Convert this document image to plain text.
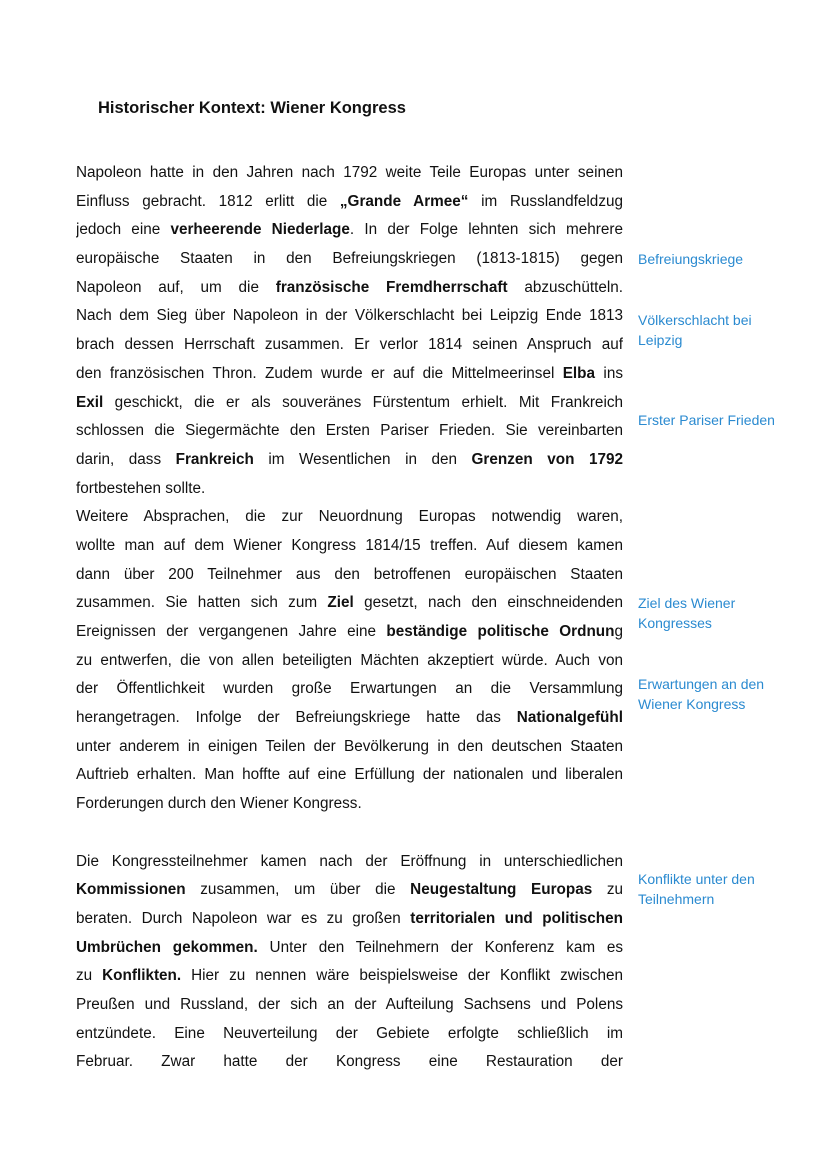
Historischer Kontext: Wiener Kongress
Napoleon hatte in den Jahren nach 1792 weite Teile Europas unter seinen
Einfluss gebracht. 1812 erlitt die „Grande Armee“ im Russlandfeldzug
jedoch eine verheerende Niederlage. In der Folge lehnten sich mehrere
europäische Staaten in den Befreiungskriegen (1813-1815) gegen
Napoleon auf, um die französische Fremdherrschaft abzuschütteln.
Nach dem Sieg über Napoleon in der Völkerschlacht bei Leipzig Ende 1813
brach dessen Herrschaft zusammen. Er verlor 1814 seinen Anspruch auf
den französischen Thron. Zudem wurde er auf die Mittelmeerinsel Elba ins
Exil geschickt, die er als souveränes Fürstentum erhielt. Mit Frankreich
schlossen die Siegermächte den Ersten Pariser Frieden. Sie vereinbarten
darin, dass Frankreich im Wesentlichen in den Grenzen von 1792
fortbestehen sollte.
Weitere Absprachen, die zur Neuordnung Europas notwendig waren,
wollte man auf dem Wiener Kongress 1814/15 treffen. Auf diesem kamen
dann über 200 Teilnehmer aus den betroffenen europäischen Staaten
zusammen. Sie hatten sich zum Ziel gesetzt, nach den einschneidenden
Ereignissen der vergangenen Jahre eine beständige politische Ordnung
zu entwerfen, die von allen beteiligten Mächten akzeptiert würde. Auch von
der Öffentlichkeit wurden große Erwartungen an die Versammlung
herangetragen. Infolge der Befreiungskriege hatte das Nationalgefühl
unter anderem in einigen Teilen der Bevölkerung in den deutschen Staaten
Auftrieb erhalten. Man hoffte auf eine Erfüllung der nationalen und liberalen
Forderungen durch den Wiener Kongress.
Die Kongressteilnehmer kamen nach der Eröffnung in unterschiedlichen
Kommissionen zusammen, um über die Neugestaltung Europas zu
beraten. Durch Napoleon war es zu großen territorialen und politischen
Umbrüchen gekommen. Unter den Teilnehmern der Konferenz kam es
zu Konflikten. Hier zu nennen wäre beispielsweise der Konflikt zwischen
Preußen und Russland, der sich an der Aufteilung Sachsens und Polens
entzündete. Eine Neuverteilung der Gebiete erfolgte schließlich im
Februar. Zwar hatte der Kongress eine Restauration der
Befreiungskriege
Völkerschlacht bei Leipzig
Erster Pariser Frieden
Ziel des Wiener Kongresses
Erwartungen an den Wiener Kongress
Konflikte unter den Teilnehmern
